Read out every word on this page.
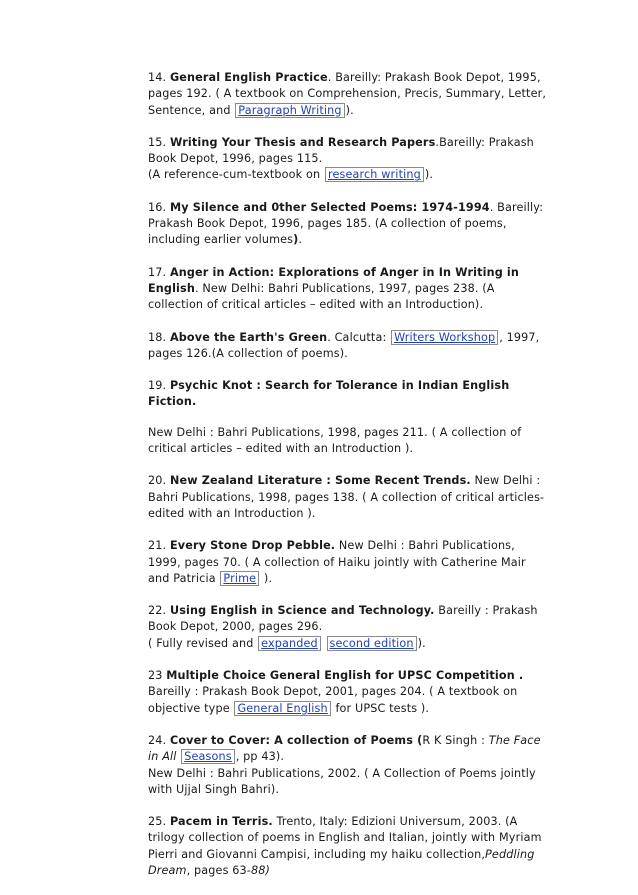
14. General English Practice. Bareilly: Prakash Book Depot, 1995, pages 192. ( A textbook on Comprehension, Precis, Summary, Letter, Sentence, and Paragraph Writing ).

15. Writing Your Thesis and Research Papers.Bareilly: Prakash Book Depot, 1996, pages 115.

(A reference-cum-textbook on research writing ).

16. My Silence and 0ther Selected Poems: 1974-1994. Bareilly: Prakash Book Depot, 1996, pages 185. (A collection of poems, including earlier volumes).

17. Anger in Action: Explorations of Anger in In Writing in English. New Delhi: Bahri Publications, 1997, pages 238. (A collection of critical articles – edited with an Introduction).

18. Above the Earth's Green. Calcutta: Writers Workshop , 1997, pages 126.(A collection of poems).

19. Psychic Knot : Search for Tolerance in Indian English Fiction.

New Delhi : Bahri Publications, 1998, pages 211. ( A collection of critical articles – edited with an Introduction ).

20. New Zealand Literature : Some Recent Trends. New Delhi : Bahri Publications, 1998, pages 138. ( A collection of critical articles- edited with an Introduction ).

21. Every Stone Drop Pebble. New Delhi : Bahri Publications, 1999, pages 70. ( A collection of Haiku jointly with Catherine Mair and Patricia Prime ).

22. Using English in Science and Technology. Bareilly : Prakash Book Depot, 2000, pages 296.

( Fully revised and expanded second edition ).

23 Multiple Choice General English for UPSC Competition . Bareilly : Prakash Book Depot, 2001, pages 204. ( A textbook on objective type General English for UPSC tests ).

24. Cover to Cover: A collection of Poems (R K Singh : The Face in All Seasons , pp 43).

New Delhi : Bahri Publications, 2002. ( A Collection of Poems jointly with Ujjal Singh Bahri).

25. Pacem in Terris. Trento, Italy: Edizioni Universum, 2003. (A trilogy collection of poems in English and Italian, jointly with Myriam Pierri and Giovanni Campisi, including my haiku collection,Peddling Dream, pages 63-88)
